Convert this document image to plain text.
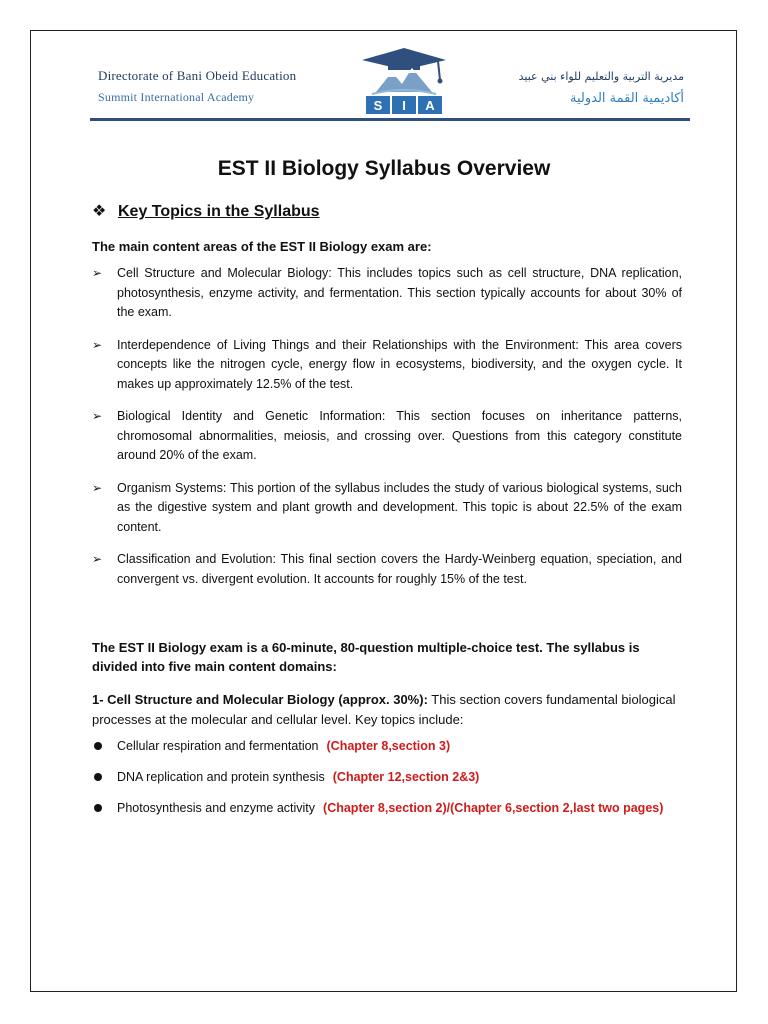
Directorate of Bani Obeid Education
Summit International Academy
S I A
مديرية التربية والتعليم للواء بني عبيد
أكاديمية القمة الدولية
EST II Biology Syllabus Overview
❖ Key Topics in the Syllabus
The main content areas of the EST II Biology exam are:
➢ Cell Structure and Molecular Biology: This includes topics such as cell structure, DNA replication, photosynthesis, enzyme activity, and fermentation. This section typically accounts for about 30% of the exam.
➢ Interdependence of Living Things and their Relationships with the Environment: This area covers concepts like the nitrogen cycle, energy flow in ecosystems, biodiversity, and the oxygen cycle. It makes up approximately 12.5% of the test.
➢ Biological Identity and Genetic Information: This section focuses on inheritance patterns, chromosomal abnormalities, meiosis, and crossing over. Questions from this category constitute around 20% of the exam.
➢ Organism Systems: This portion of the syllabus includes the study of various biological systems, such as the digestive system and plant growth and development. This topic is about 22.5% of the exam content.
➢ Classification and Evolution: This final section covers the Hardy-Weinberg equation, speciation, and convergent vs. divergent evolution. It accounts for roughly 15% of the test.
The EST II Biology exam is a 60-minute, 80-question multiple-choice test. The syllabus is divided into five main content domains:
1- Cell Structure and Molecular Biology (approx. 30%): This section covers fundamental biological processes at the molecular and cellular level. Key topics include:
Cellular respiration and fermentation (Chapter 8,section 3)
DNA replication and protein synthesis (Chapter 12,section 2&3)
Photosynthesis and enzyme activity (Chapter 8,section 2)/(Chapter 6,section 2,last two pages)
